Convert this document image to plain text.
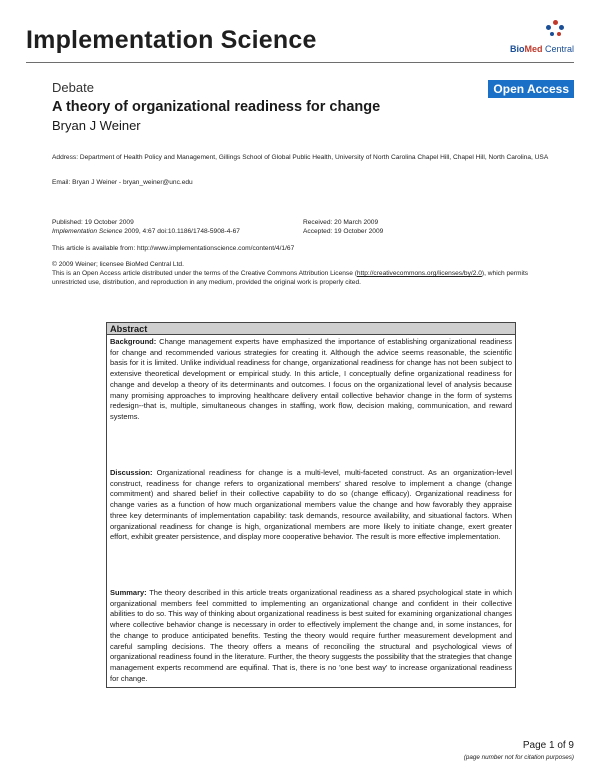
Implementation Science	BioMed Central
Debate	Open Access
A theory of organizational readiness for change
Bryan J Weiner
Address: Department of Health Policy and Management, Gillings School of Global Public Health, University of North Carolina Chapel Hill, Chapel Hill, North Carolina, USA
Email: Bryan J Weiner - bryan_weiner@unc.edu
Published: 19 October 2009
Implementation Science 2009, 4:67 doi:10.1186/1748-5908-4-67
Received: 20 March 2009
Accepted: 19 October 2009
This article is available from: http://www.implementationscience.com/content/4/1/67
© 2009 Weiner; licensee BioMed Central Ltd.
This is an Open Access article distributed under the terms of the Creative Commons Attribution License (http://creativecommons.org/licenses/by/2.0), which permits unrestricted use, distribution, and reproduction in any medium, provided the original work is properly cited.
Abstract

Background: Change management experts have emphasized the importance of establishing organizational readiness for change and recommended various strategies for creating it. Although the advice seems reasonable, the scientific basis for it is limited. Unlike individual readiness for change, organizational readiness for change has not been subject to extensive theoretical development or empirical study. In this article, I conceptually define organizational readiness for change and develop a theory of its determinants and outcomes. I focus on the organizational level of analysis because many promising approaches to improving healthcare delivery entail collective behavior change in the form of systems redesign--that is, multiple, simultaneous changes in staffing, work flow, decision making, communication, and reward systems.

Discussion: Organizational readiness for change is a multi-level, multi-faceted construct. As an organization-level construct, readiness for change refers to organizational members' shared resolve to implement a change (change commitment) and shared belief in their collective capability to do so (change efficacy). Organizational readiness for change varies as a function of how much organizational members value the change and how favorably they appraise three key determinants of implementation capability: task demands, resource availability, and situational factors. When organizational readiness for change is high, organizational members are more likely to initiate change, exert greater effort, exhibit greater persistence, and display more cooperative behavior. The result is more effective implementation.

Summary: The theory described in this article treats organizational readiness as a shared psychological state in which organizational members feel committed to implementing an organizational change and confident in their collective abilities to do so. This way of thinking about organizational readiness is best suited for examining organizational changes where collective behavior change is necessary in order to effectively implement the change and, in some instances, for the change to produce anticipated benefits. Testing the theory would require further measurement development and careful sampling decisions. The theory offers a means of reconciling the structural and psychological views of organizational readiness found in the literature. Further, the theory suggests the possibility that the strategies that change management experts recommend are equifinal. That is, there is no 'one best way' to increase organizational readiness for change.

Page 1 of 9
(page number not for citation purposes)
